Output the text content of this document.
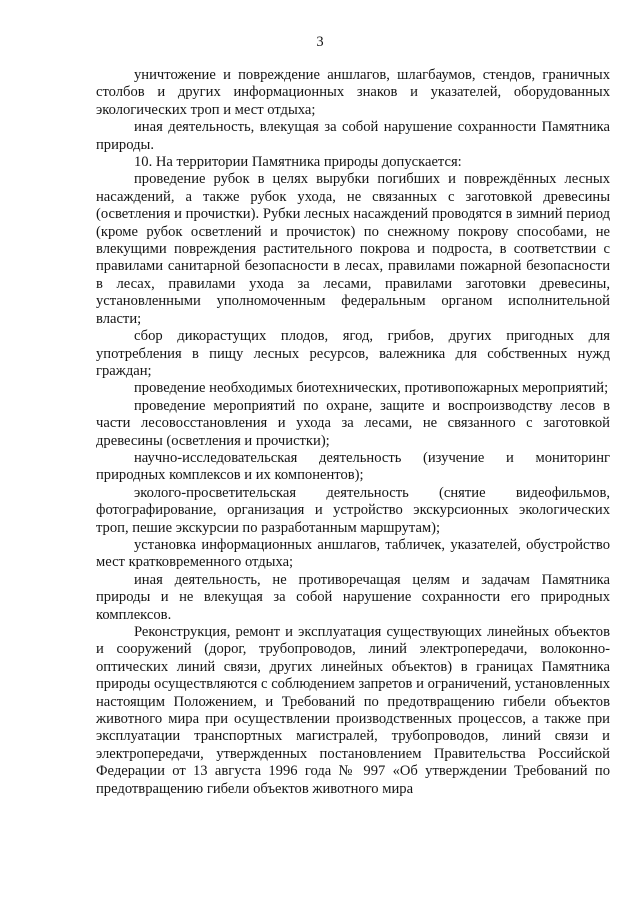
3

уничтожение и повреждение аншлагов, шлагбаумов, стендов, граничных столбов и других информационных знаков и указателей, оборудованных экологических троп и мест отдыха;

иная деятельность, влекущая за собой нарушение сохранности Памятника природы.

10. На территории Памятника природы допускается:

проведение рубок в целях вырубки погибших и повреждённых лесных насаждений, а также рубок ухода, не связанных с заготовкой древесины (осветления и прочистки). Рубки лесных насаждений проводятся в зимний период (кроме рубок осветлений и прочисток) по снежному покрову способами, не влекущими повреждения растительного покрова и подроста, в соответствии с правилами санитарной безопасности в лесах, правилами пожарной безопасности в лесах, правилами ухода за лесами, правилами заготовки древесины, установленными уполномоченным федеральным органом исполнительной власти;

сбор дикорастущих плодов, ягод, грибов, других пригодных для употребления в пищу лесных ресурсов, валежника для собственных нужд граждан;

проведение необходимых биотехнических, противопожарных мероприятий;

проведение мероприятий по охране, защите и воспроизводству лесов в части лесовосстановления и ухода за лесами, не связанного с заготовкой древесины (осветления и прочистки);

научно-исследовательская деятельность (изучение и мониторинг природных комплексов и их компонентов);

эколого-просветительская деятельность (снятие видеофильмов, фотографирование, организация и устройство экскурсионных экологических троп, пешие экскурсии по разработанным маршрутам);

установка информационных аншлагов, табличек, указателей, обустройство мест кратковременного отдыха;

иная деятельность, не противоречащая целям и задачам Памятника природы и не влекущая за собой нарушение сохранности его природных комплексов.

Реконструкция, ремонт и эксплуатация существующих линейных объектов и сооружений (дорог, трубопроводов, линий электропередачи, волоконно-оптических линий связи, других линейных объектов) в границах Памятника природы осуществляются с соблюдением запретов и ограничений, установленных настоящим Положением, и Требований по предотвращению гибели объектов животного мира при осуществлении производственных процессов, а также при эксплуатации транспортных магистралей, трубопроводов, линий связи и электропередачи, утвержденных постановлением Правительства Российской Федерации от 13 августа 1996 года № 997 «Об утверждении Требований по предотвращению гибели объектов животного мира
